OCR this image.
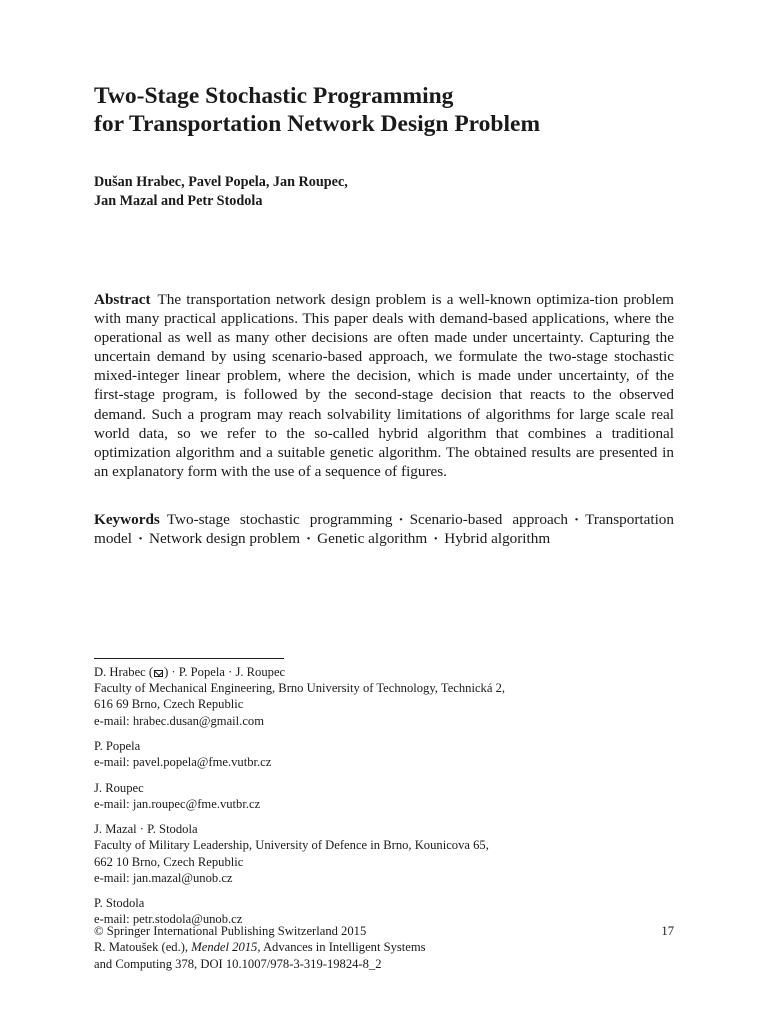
Two-Stage Stochastic Programming
for Transportation Network Design Problem
Dušan Hrabec, Pavel Popela, Jan Roupec,
Jan Mazal and Petr Stodola
Abstract The transportation network design problem is a well-known optimiza-tion problem with many practical applications. This paper deals with demand-based applications, where the operational as well as many other decisions are often made under uncertainty. Capturing the uncertain demand by using scenario-based approach, we formulate the two-stage stochastic mixed-integer linear problem, where the decision, which is made under uncertainty, of the first-stage program, is followed by the second-stage decision that reacts to the observed demand. Such a program may reach solvability limitations of algorithms for large scale real world data, so we refer to the so-called hybrid algorithm that combines a traditional optimization algorithm and a suitable genetic algorithm. The obtained results are presented in an explanatory form with the use of a sequence of figures.
Keywords Two-stage stochastic programming · Scenario-based approach · Transportation model · Network design problem · Genetic algorithm · Hybrid algorithm
D. Hrabec ( ) · P. Popela · J. Roupec
Faculty of Mechanical Engineering, Brno University of Technology, Technická 2,
616 69 Brno, Czech Republic
e-mail: hrabec.dusan@gmail.com
P. Popela
e-mail: pavel.popela@fme.vutbr.cz
J. Roupec
e-mail: jan.roupec@fme.vutbr.cz
J. Mazal · P. Stodola
Faculty of Military Leadership, University of Defence in Brno, Kounicova 65,
662 10 Brno, Czech Republic
e-mail: jan.mazal@unob.cz
P. Stodola
e-mail: petr.stodola@unob.cz
© Springer International Publishing Switzerland 2015
R. Matoušek (ed.), Mendel 2015, Advances in Intelligent Systems
and Computing 378, DOI 10.1007/978-3-319-19824-8_2
17
